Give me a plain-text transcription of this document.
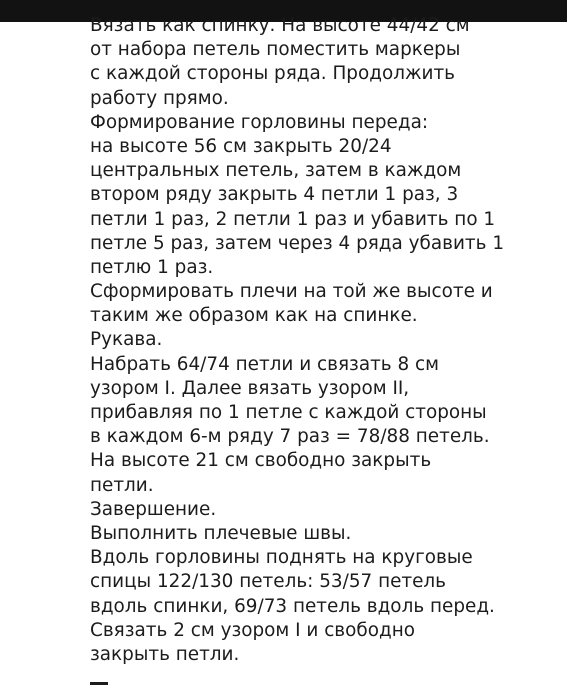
Вязать как спинку. На высоте 44/42 см
от набора петель поместить маркеры
с каждой стороны ряда. Продолжить
работу прямо.
Формирование горловины переда:
на высоте 56 см закрыть 20/24
центральных петель, затем в каждом
втором ряду закрыть 4 петли 1 раз, 3
петли 1 раз, 2 петли 1 раз и убавить по 1
петле 5 раз, затем через 4 ряда убавить 1
петлю 1 раз.
Сформировать плечи на той же высоте и
таким же образом как на спинке.
Рукава.
Набрать 64/74 петли и связать 8 см
узором I. Далее вязать узором II,
прибавляя по 1 петле с каждой стороны
в каждом 6-м ряду 7 раз = 78/88 петель.
На высоте 21 см свободно закрыть
петли.
Завершение.
Выполнить плечевые швы.
Вдоль горловины поднять на круговые
спицы 122/130 петель: 53/57 петель
вдоль спинки, 69/73 петель вдоль перед.
Связать 2 см узором I и свободно
закрыть петли.
